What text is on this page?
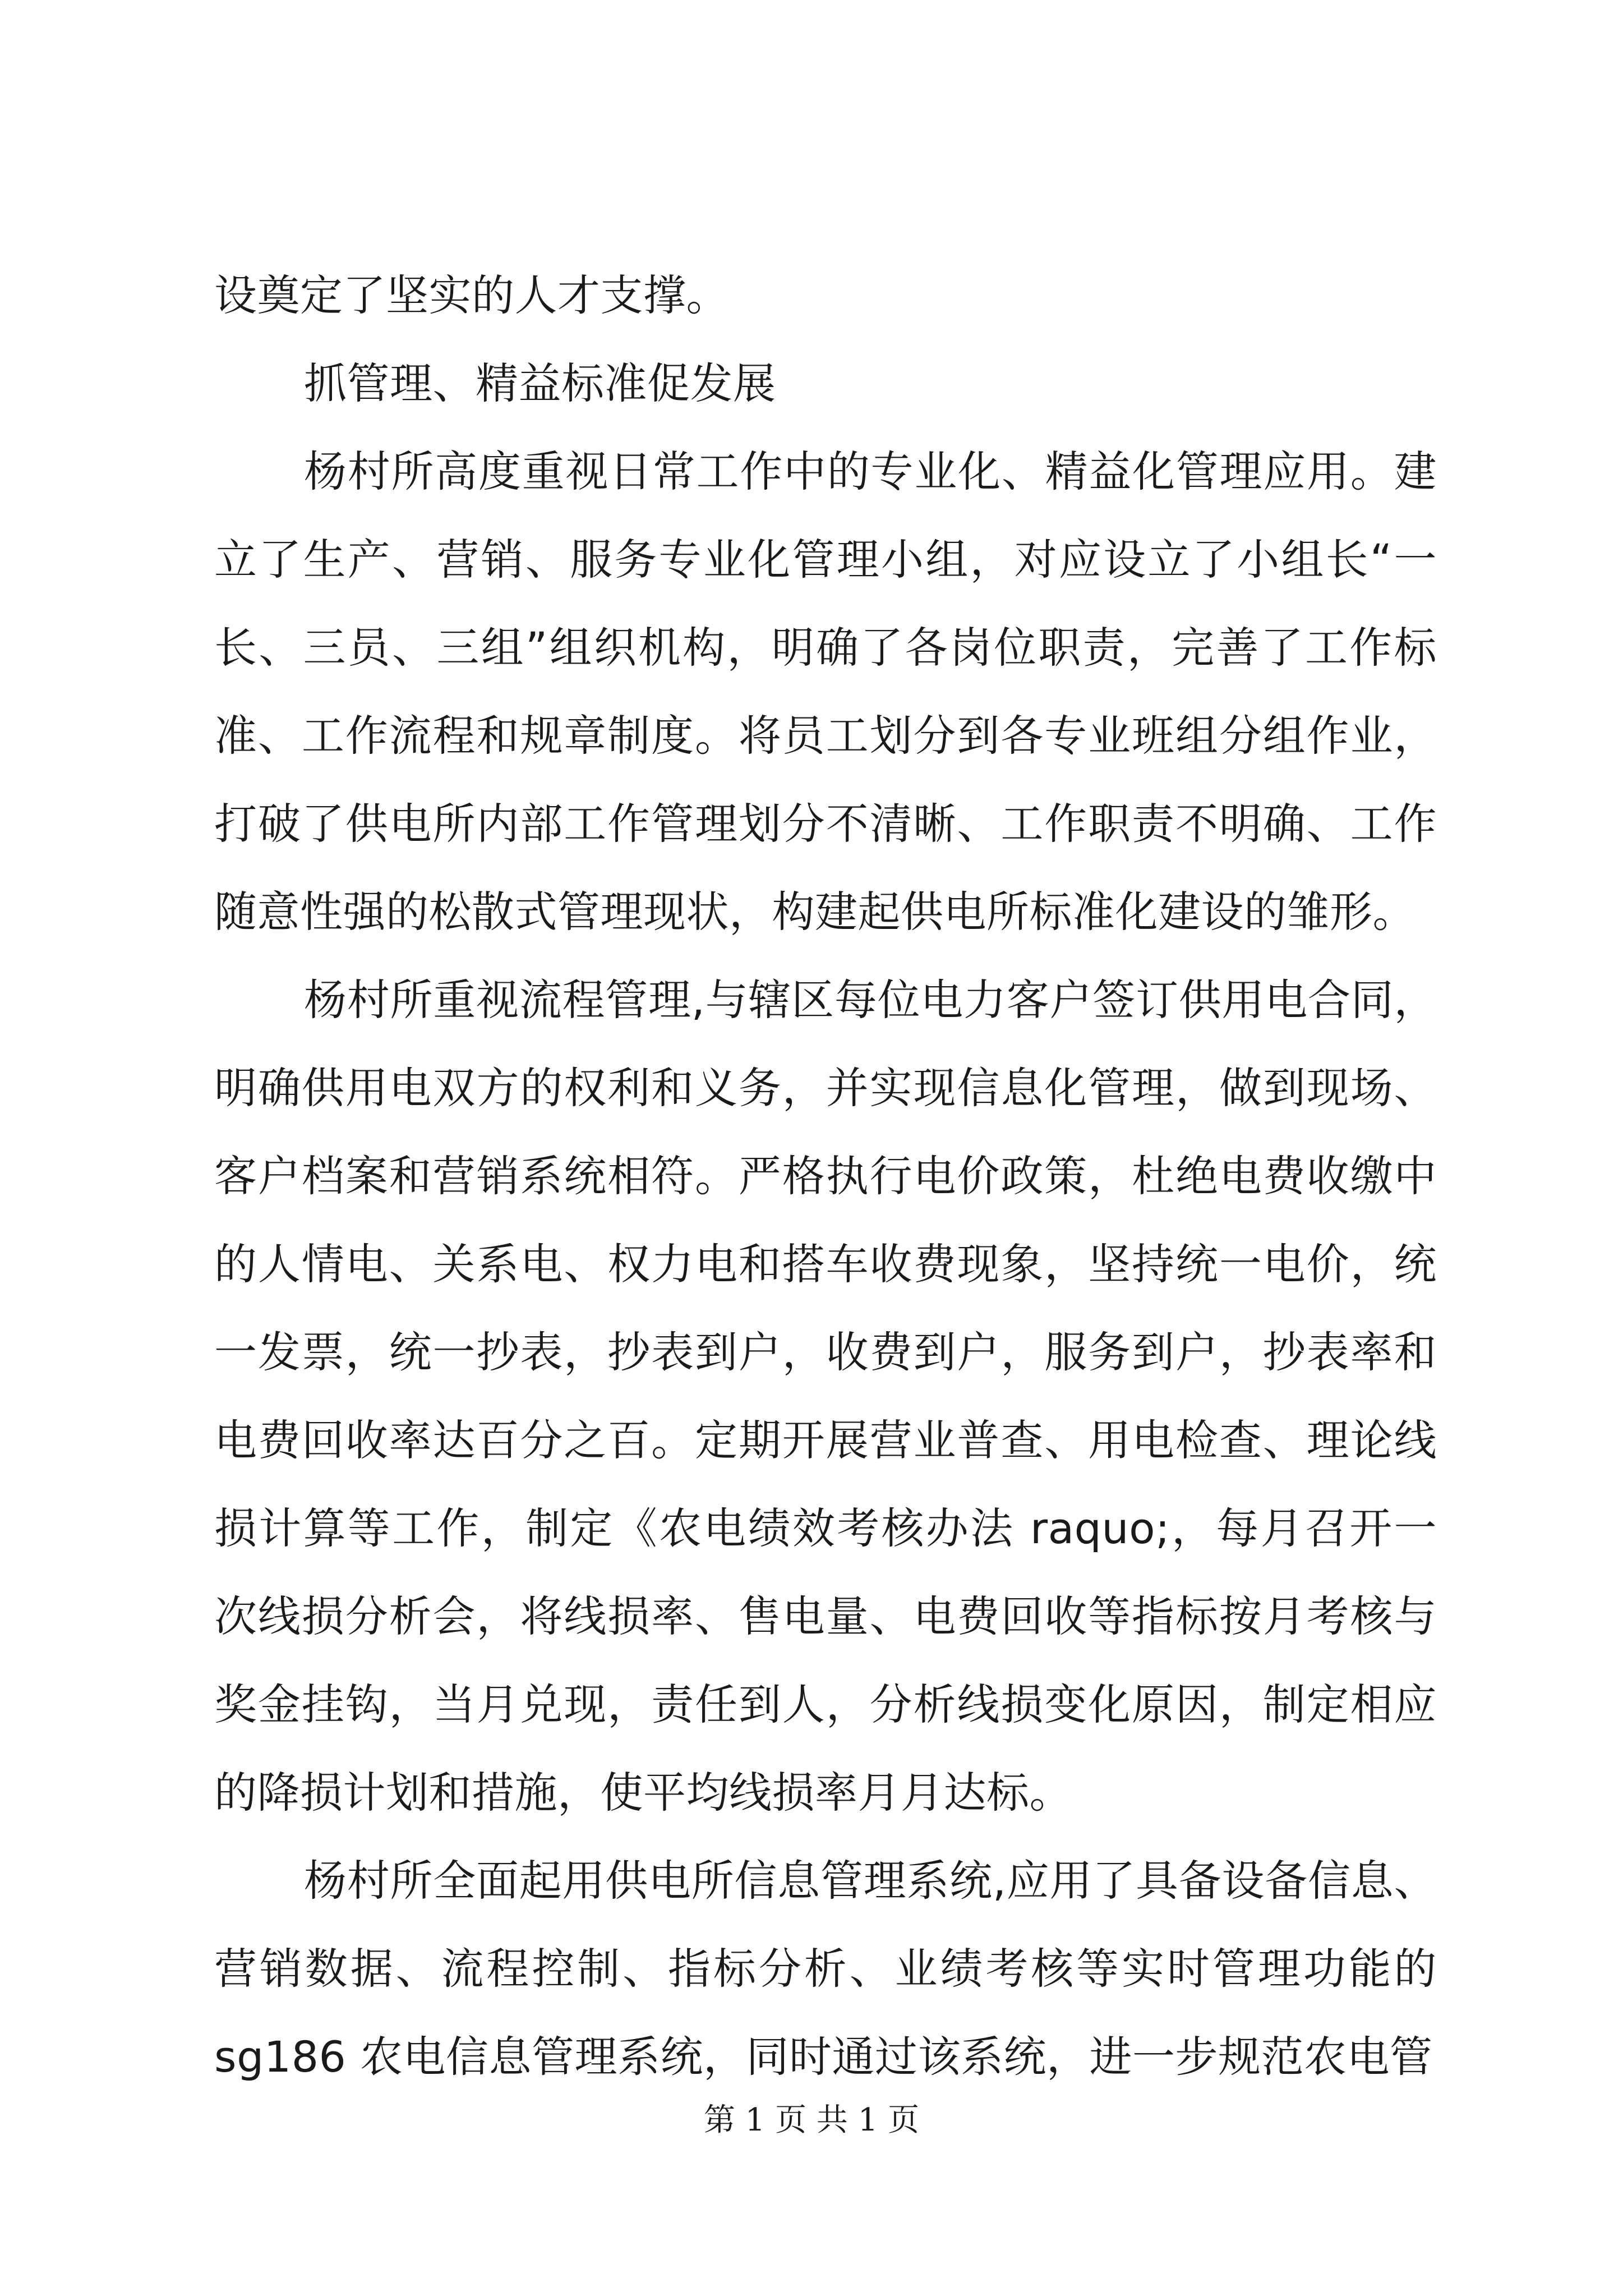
设奠定了坚实的人才支撑。

抓管理、精益标准促发展

杨村所高度重视日常工作中的专业化、精益化管理应用。建立了生产、营销、服务专业化管理小组，对应设立了小组长“一长、三员、三组”组织机构，明确了各岗位职责，完善了工作标准、工作流程和规章制度。将员工划分到各专业班组分组作业，打破了供电所内部工作管理划分不清晰、工作职责不明确、工作随意性强的松散式管理现状，构建起供电所标准化建设的雏形。

杨村所重视流程管理,与辖区每位电力客户签订供用电合同，明确供用电双方的权利和义务，并实现信息化管理，做到现场、客户档案和营销系统相符。严格执行电价政策，杜绝电费收缴中的人情电、关系电、权力电和搭车收费现象，坚持统一电价，统一发票，统一抄表，抄表到户，收费到户，服务到户，抄表率和电费回收率达百分之百。定期开展营业普查、用电检查、理论线损计算等工作，制定《农电绩效考核办法 raquo;，每月召开一次线损分析会，将线损率、售电量、电费回收等指标按月考核与奖金挂钩，当月兑现，责任到人，分析线损变化原因，制定相应的降损计划和措施，使平均线损率月月达标。

杨村所全面起用供电所信息管理系统,应用了具备设备信息、营销数据、流程控制、指标分析、业绩考核等实时管理功能的sg186 农电信息管理系统，同时通过该系统，进一步规范农电管

第 1 页 共 1 页
